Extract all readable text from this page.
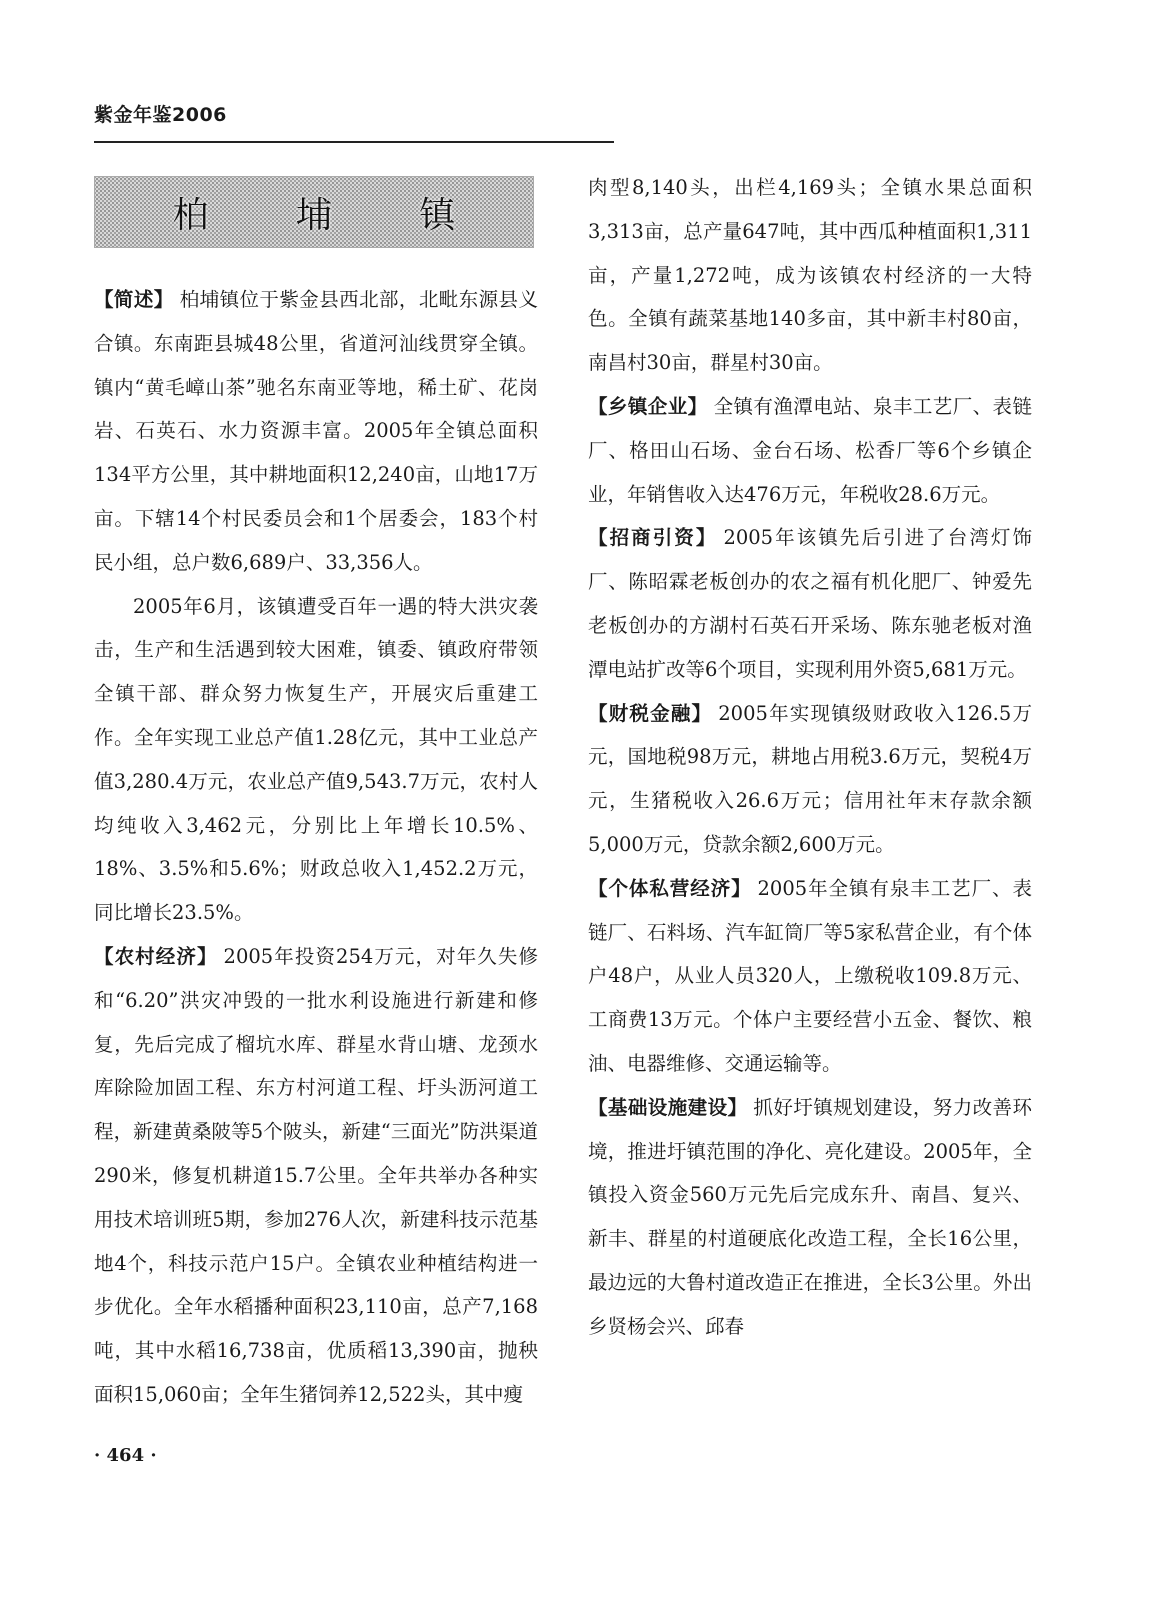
紫金年鉴2006
柏 埔 镇

【简述】 柏埔镇位于紫金县西北部，北毗东源县义合镇。东南距县城48公里，省道河汕线贯穿全镇。镇内“黄毛嶂山茶”驰名东南亚等地，稀土矿、花岗岩、石英石、水力资源丰富。2005年全镇总面积134平方公里，其中耕地面积12,240亩，山地17万亩。下辖14个村民委员会和1个居委会，183个村民小组，总户数6,689户、33,356人。

2005年6月，该镇遭受百年一遇的特大洪灾袭击，生产和生活遇到较大困难，镇委、镇政府带领全镇干部、群众努力恢复生产，开展灾后重建工作。全年实现工业总产值1.28亿元，其中工业总产值3,280.4万元，农业总产值9,543.7万元，农村人均纯收入3,462元，分别比上年增长10.5%、18%、3.5%和5.6%；财政总收入1,452.2万元，同比增长23.5%。

【农村经济】 2005年投资254万元，对年久失修和“6.20”洪灾冲毁的一批水利设施进行新建和修复，先后完成了榴坑水库、群星水背山塘、龙颈水库除险加固工程、东方村河道工程、圩头沥河道工程，新建黄桑陂等5个陂头，新建“三面光”防洪渠道290米，修复机耕道15.7公里。全年共举办各种实用技术培训班5期，参加276人次，新建科技示范基地4个，科技示范户15户。全镇农业种植结构进一步优化。全年水稻播种面积23,110亩，总产7,168吨，其中水稻16,738亩，优质稻13,390亩，抛秧面积15,060亩；全年生猪饲养12,522头，其中瘦

肉型8,140头，出栏4,169头；全镇水果总面积3,313亩，总产量647吨，其中西瓜种植面积1,311亩，产量1,272吨，成为该镇农村经济的一大特色。全镇有蔬菜基地140多亩，其中新丰村80亩，南昌村30亩，群星村30亩。

【乡镇企业】 全镇有渔潭电站、泉丰工艺厂、表链厂、格田山石场、金台石场、松香厂等6个乡镇企业，年销售收入达476万元，年税收28.6万元。

【招商引资】 2005年该镇先后引进了台湾灯饰厂、陈昭霖老板创办的农之福有机化肥厂、钟爱先老板创办的方湖村石英石开采场、陈东驰老板对渔潭电站扩改等6个项目，实现利用外资5,681万元。

【财税金融】 2005年实现镇级财政收入126.5万元，国地税98万元，耕地占用税3.6万元，契税4万元，生猪税收入26.6万元；信用社年末存款余额5,000万元，贷款余额2,600万元。

【个体私营经济】 2005年全镇有泉丰工艺厂、表链厂、石料场、汽车缸筒厂等5家私营企业，有个体户48户，从业人员320人，上缴税收109.8万元、工商费13万元。个体户主要经营小五金、餐饮、粮油、电器维修、交通运输等。

【基础设施建设】 抓好圩镇规划建设，努力改善环境，推进圩镇范围的净化、亮化建设。2005年，全镇投入资金560万元先后完成东升、南昌、复兴、新丰、群星的村道硬底化改造工程，全长16公里，最边远的大鲁村道改造正在推进，全长3公里。外出乡贤杨会兴、邱春

· 464 ·
